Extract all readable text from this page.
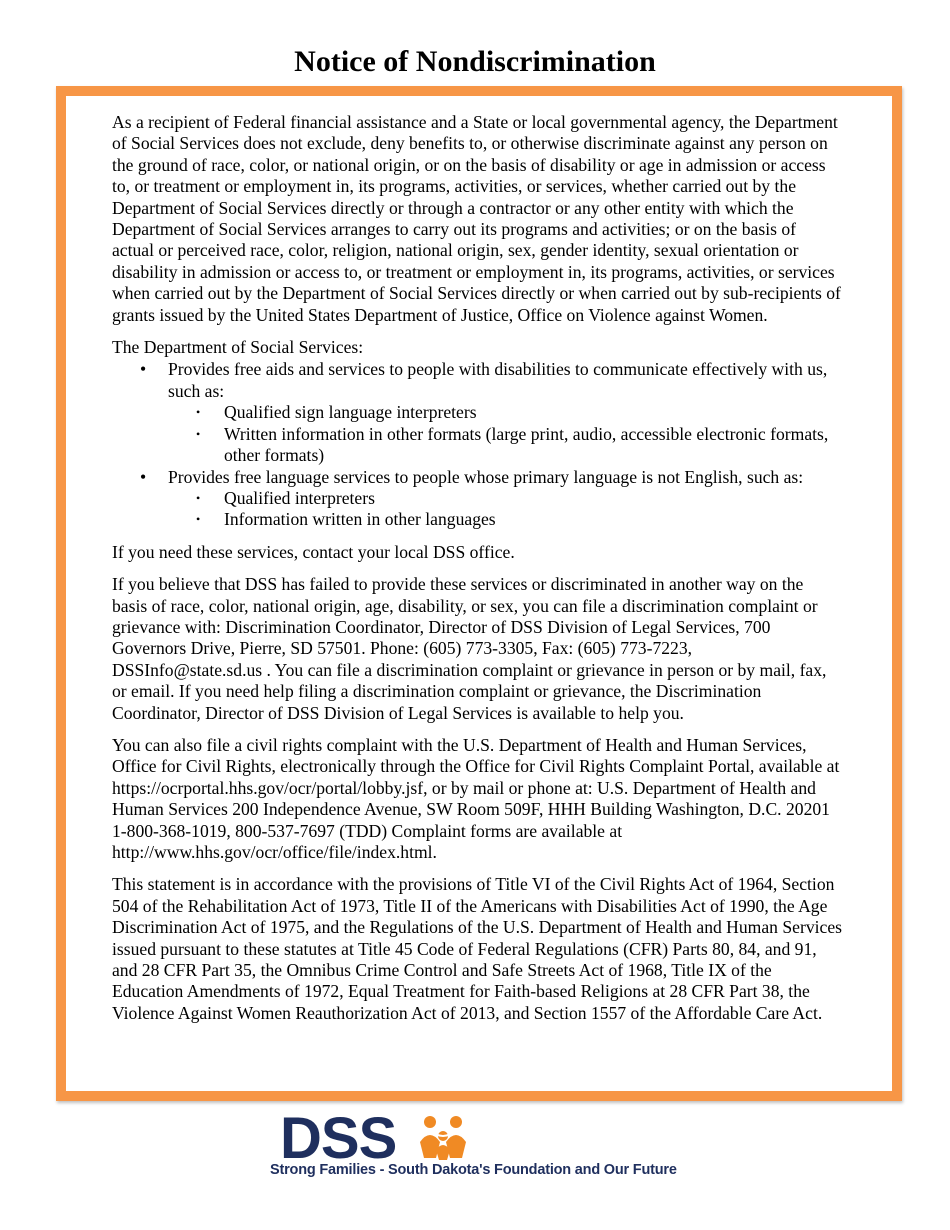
Notice of Nondiscrimination

As a recipient of Federal financial assistance and a State or local governmental agency, the Department of Social Services does not exclude, deny benefits to, or otherwise discriminate against any person on the ground of race, color, or national origin, or on the basis of disability or age in admission or access to, or treatment or employment in, its programs, activities, or services, whether carried out by the Department of Social Services directly or through a contractor or any other entity with which the Department of Social Services arranges to carry out its programs and activities; or on the basis of actual or perceived race, color, religion, national origin, sex, gender identity, sexual orientation or disability in admission or access to, or treatment or employment in, its programs, activities, or services when carried out by the Department of Social Services directly or when carried out by sub-recipients of grants issued by the United States Department of Justice, Office on Violence against Women.

The Department of Social Services:

• Provides free aids and services to people with disabilities to communicate effectively with us, such as:
• Qualified sign language interpreters
• Written information in other formats (large print, audio, accessible electronic formats, other formats)
• Provides free language services to people whose primary language is not English, such as:
• Qualified interpreters
• Information written in other languages

If you need these services, contact your local DSS office.

If you believe that DSS has failed to provide these services or discriminated in another way on the basis of race, color, national origin, age, disability, or sex, you can file a discrimination complaint or grievance with: Discrimination Coordinator, Director of DSS Division of Legal Services, 700 Governors Drive, Pierre, SD 57501. Phone: (605) 773-3305, Fax: (605) 773-7223, DSSInfo@state.sd.us . You can file a discrimination complaint or grievance in person or by mail, fax, or email. If you need help filing a discrimination complaint or grievance, the Discrimination Coordinator, Director of DSS Division of Legal Services is available to help you.

You can also file a civil rights complaint with the U.S. Department of Health and Human Services, Office for Civil Rights, electronically through the Office for Civil Rights Complaint Portal, available at https://ocrportal.hhs.gov/ocr/portal/lobby.jsf, or by mail or phone at: U.S. Department of Health and Human Services 200 Independence Avenue, SW Room 509F, HHH Building Washington, D.C. 20201 1-800-368-1019, 800-537-7697 (TDD) Complaint forms are available at http://www.hhs.gov/ocr/office/file/index.html.

This statement is in accordance with the provisions of Title VI of the Civil Rights Act of 1964, Section 504 of the Rehabilitation Act of 1973, Title II of the Americans with Disabilities Act of 1990, the Age Discrimination Act of 1975, and the Regulations of the U.S. Department of Health and Human Services issued pursuant to these statutes at Title 45 Code of Federal Regulations (CFR) Parts 80, 84, and 91, and 28 CFR Part 35, the Omnibus Crime Control and Safe Streets Act of 1968, Title IX of the Education Amendments of 1972, Equal Treatment for Faith-based Religions at 28 CFR Part 38, the Violence Against Women Reauthorization Act of 2013, and Section 1557 of the Affordable Care Act.

DSS
Strong Families - South Dakota's Foundation and Our Future
